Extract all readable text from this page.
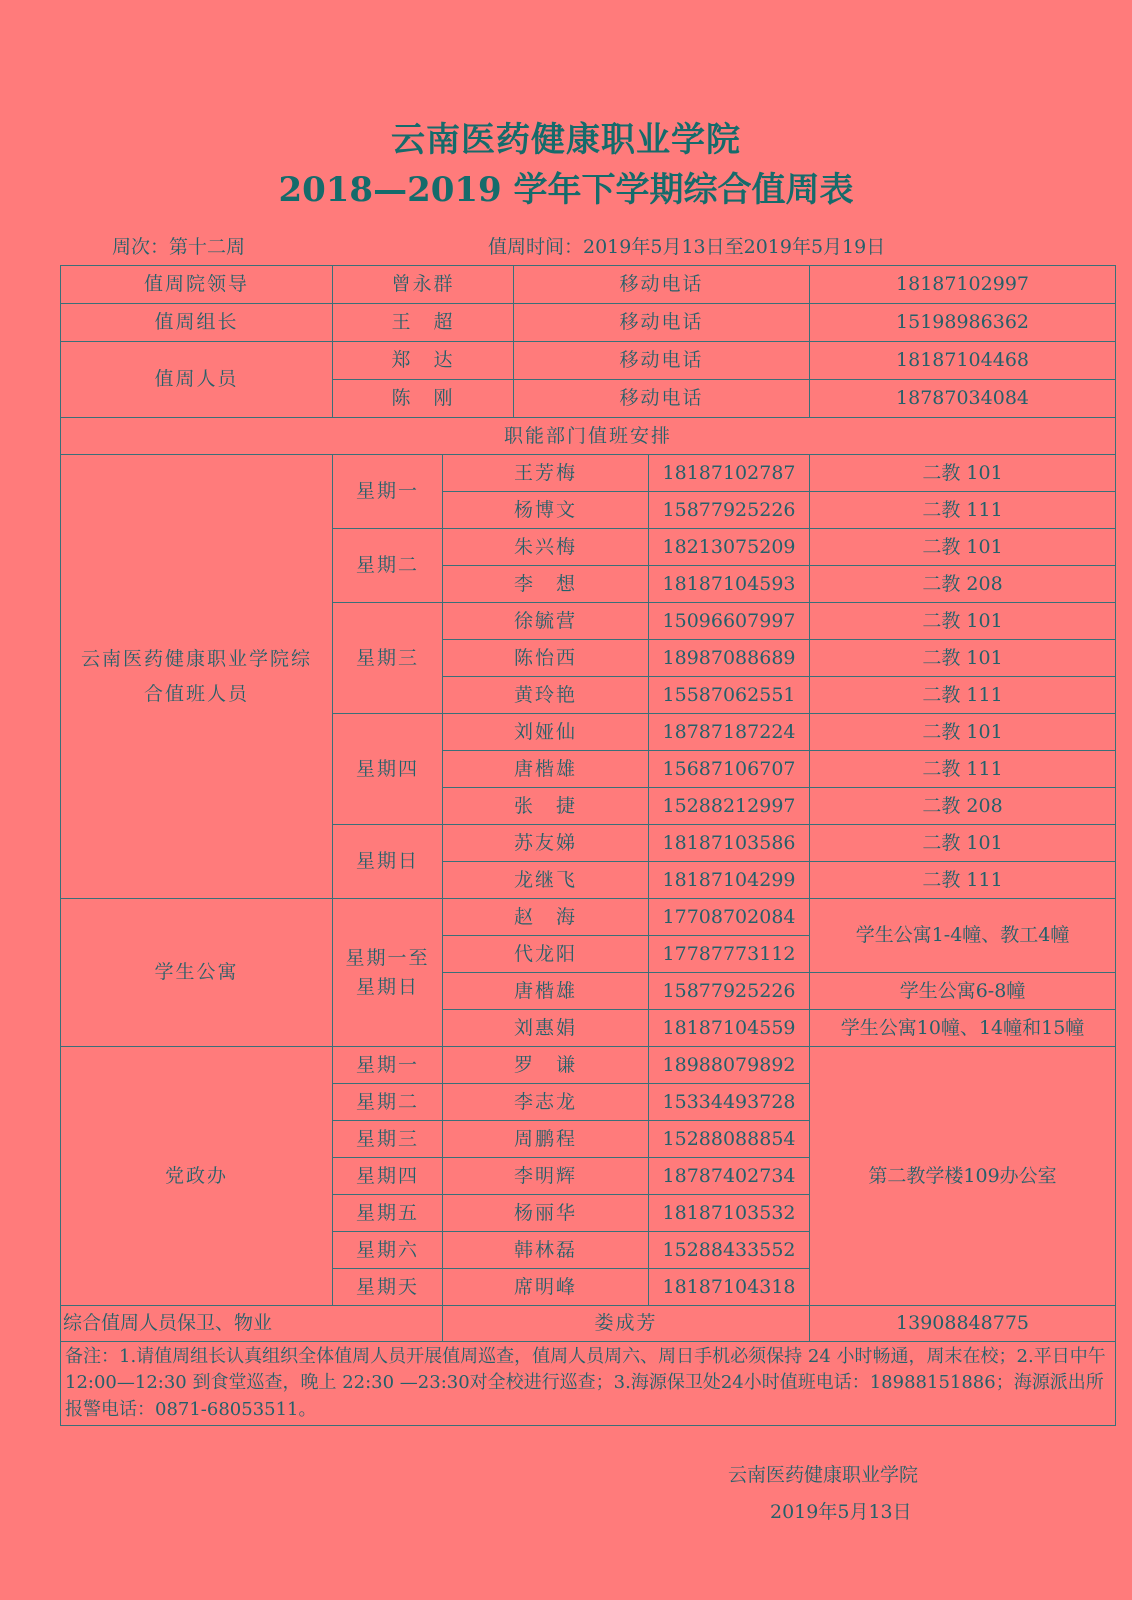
云南医药健康职业学院
2018—2019 学年下学期综合值周表
周次：第十二周	值周时间：2019年5月13日至2019年5月19日
值周院领导	曾永群		移动电话		18187102997
值周组长	王　超		移动电话		15198986362
值周人员	郑　达		移动电话		18187104468
	陈　刚		移动电话		18787034084
职能部门值班安排					
云南医药健康职业学院综合值班人员	星期一	王芳梅		18187102787	二教 101
		杨博文		15877925226	二教 111
	星期二	朱兴梅		18213075209	二教 101
		李　想		18187104593	二教 208
	星期三	徐毓营		15096607997	二教 101
		陈怡西		18987088689	二教 101
		黄玲艳		15587062551	二教 111
	星期四	刘娅仙		18787187224	二教 101
		唐楷雄		15687106707	二教 111
		张　捷		15288212997	二教 208
	星期日	苏友娣		18187103586	二教 101
		龙继飞		18187104299	二教 111
学生公寓	星期一至星期日	赵　海		17708702084	学生公寓1-4幢、教工4幢
		代龙阳		17787773112	
		唐楷雄		15877925226	学生公寓6-8幢
		刘惠娟		18187104559	学生公寓10幢、14幢和15幢
党政办	星期一	罗　谦		18988079892	第二教学楼109办公室
	星期二	李志龙		15334493728	
	星期三	周鹏程		15288088854	
	星期四	李明辉		18787402734	
	星期五	杨丽华		18187103532	
	星期六	韩林磊		15288433552	
	星期天	席明峰		18187104318	
综合值周人员保卫、物业		娄成芳			13908848775
备注：1.请值周组长认真组织全体值周人员开展值周巡查，值周人员周六、周日手机必须保持 24 小时畅通，周末在校；2.平日中午 12:00—12:30 到食堂巡查，晚上 22:30 —23:30对全校进行巡查；3.海源保卫处24小时值班电话：18988151886；海源派出所报警电话：0871-68053511。					
云南医药健康职业学院
2019年5月13日
